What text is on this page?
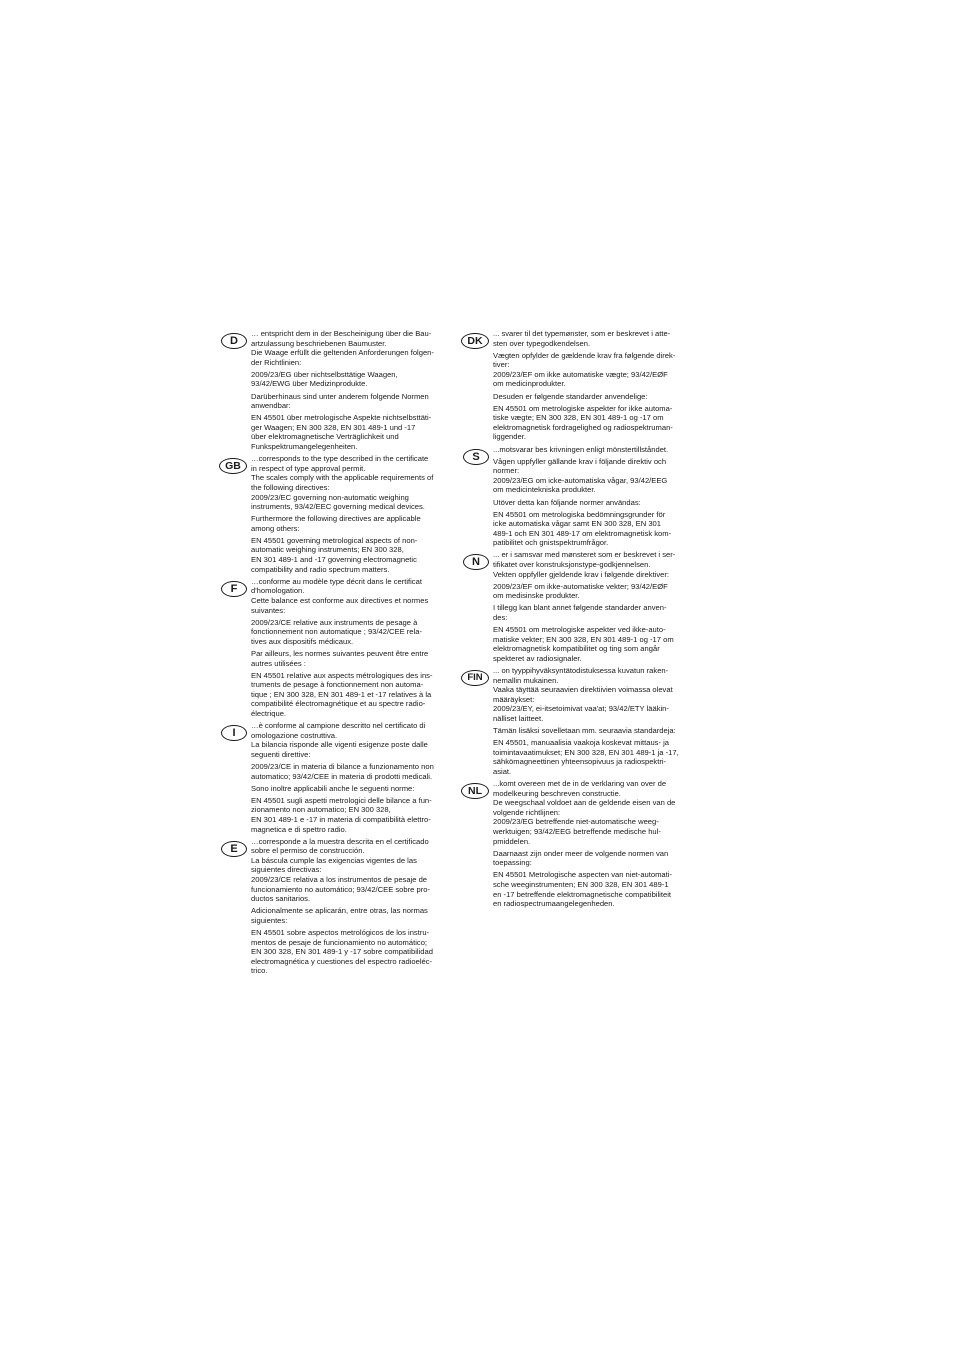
D

… entspricht dem in der Bescheinigung über die Bau-
artzulassung beschriebenen Baumuster.
Die Waage erfüllt die geltenden Anforderungen folgen-
der Richtlinien:

2009/23/EG über nichtselbsttätige Waagen,
93/42/EWG über Medizinprodukte.

Darüberhinaus sind unter anderem folgende Normen
anwendbar:

EN 45501 über metrologische Aspekte nichtselbsttäti-
ger Waagen; EN 300 328, EN 301 489-1 und -17
über elektromagnetische Verträglichkeit und
Funkspektrumangelegenheiten.

GB

…corresponds to the type described in the certificate
in respect of type approval permit.
The scales comply with the applicable requirements of
the following directives:
2009/23/EC governing non-automatic weighing
instruments, 93/42/EEC governing medical devices.

Furthermore the following directives are applicable
among others:

EN 45501 governing metrological aspects of non-
automatic weighing instruments; EN 300 328,
EN 301 489-1 and -17 governing electromagnetic
compatibility and radio spectrum matters.

F

…conforme au modèle type décrit dans le certificat
d'homologation.
Cette balance est conforme aux directives et normes
suivantes:

2009/23/CE relative aux instruments de pesage à
fonctionnement non automatique ; 93/42/CEE rela-
tives aux dispositifs médicaux.

Par ailleurs, les normes suivantes peuvent être entre
autres utilisées :

EN 45501 relative aux aspects métrologiques des ins-
truments de pesage à fonctionnement non automa-
tique ; EN 300 328, EN 301 489-1 et -17 relatives à la
compatibilité électromagnétique et au spectre radio-
électrique.

I

…è conforme al campione descritto nel certificato di
omologazione costruttiva.
La bilancia risponde alle vigenti esigenze poste dalle
seguenti direttive:

2009/23/CE in materia di bilance a funzionamento non
automatico; 93/42/CEE in materia di prodotti medicali.

Sono inoltre applicabili anche le seguenti norme:

EN 45501 sugli aspetti metrologici delle bilance a fun-
zionamento non automatico; EN 300 328,
EN 301 489-1 e -17 in materia di compatibilità elettro-
magnetica e di spettro radio.

E

…corresponde a la muestra descrita en el certificado
sobre el permiso de construcción.
La báscula cumple las exigencias vigentes de las
siguientes directivas:
2009/23/CE relativa a los instrumentos de pesaje de
funcionamiento no automático; 93/42/CEE sobre pro-
ductos sanitarios.

Adicionalmente se aplicarán, entre otras, las normas
siguientes:

EN 45501 sobre aspectos metrológicos de los instru-
mentos de pesaje de funcionamiento no automático;
EN 300 328, EN 301 489-1 y -17 sobre compatibilidad
electromagnética y cuestiones del espectro radioeléc-
trico.

DK

... svarer til det typemønster, som er beskrevet i atte-
sten over typegodkendelsen.

Vægten opfylder de gældende krav fra følgende direk-
tiver:
2009/23/EF om ikke automatiske vægte; 93/42/EØF
om medicinprodukter.

Desuden er følgende standarder anvendelige:

EN 45501 om metrologiske aspekter for ikke automa-
tiske vægte; EN 300 328, EN 301 489-1 og -17 om
elektromagnetisk fordragelighed og radiospektruman-
liggender.

S

...motsvarar bes krivningen enligt mönstertillståndet.

Vågen uppfyller gällande krav i följande direktiv och
normer:
2009/23/EG om icke-automatiska vågar, 93/42/EEG
om medicintekniska produkter.

Utöver detta kan följande normer användas:

EN 45501 om metrologiska bedömningsgrunder för
icke automatiska vågar samt EN 300 328, EN 301
489-1 och EN 301 489-17 om elektromagnetisk kom-
patibilitet och gnistspektrumfrågor.

N

... er i samsvar med mønsteret som er beskrevet i ser-
tifikatet over konstruksjonstype-godkjennelsen.
Vekten oppfyller gjeldende krav i følgende direktiver:

2009/23/EF om ikke-automatiske vekter; 93/42/EØF
om medisinske produkter.

I tillegg kan blant annet følgende standarder anven-
des:

EN 45501 om metrologiske aspekter ved ikke-auto-
matiske vekter; EN 300 328, EN 301 489-1 og -17 om
elektromagnetisk kompatibilitet og ting som angår
spekteret av radiosignaler.

FIN

... on tyyppihyväksyntätodistuksessa kuvatun raken-
nemallin mukainen.
Vaaka täyttää seuraavien direktiivien voimassa olevat
määräykset:
2009/23/EY, ei-itsetoimivat vaa'at; 93/42/ETY lääkin-
nälliset laitteet.

Tämän lisäksi sovelletaan mm. seuraavia standardeja:

EN 45501, manuaalisia vaakoja koskevat mittaus- ja
toimintavaatimukset; EN 300 328, EN 301 489-1 ja -17,
sähkömagneettinen yhteensopivuus ja radiospektri-
asiat.

NL

...komt overeen met de in de verklaring van over de
modelkeuring beschreven constructie.
De weegschaal voldoet aan de geldende eisen van de
volgende richtlijnen:
2009/23/EG betreffende niet-automatische weeg-
werktuigen; 93/42/EEG betreffende medische hul-
pmiddelen.

Daarnaast zijn onder meer de volgende normen van
toepassing:

EN 45501 Metrologische aspecten van niet-automati-
sche weeginstrumenten; EN 300 328, EN 301 489-1
en -17 betreffende elektromagnetische compatibiliteit
en radiospectrumaangelegenheden.
